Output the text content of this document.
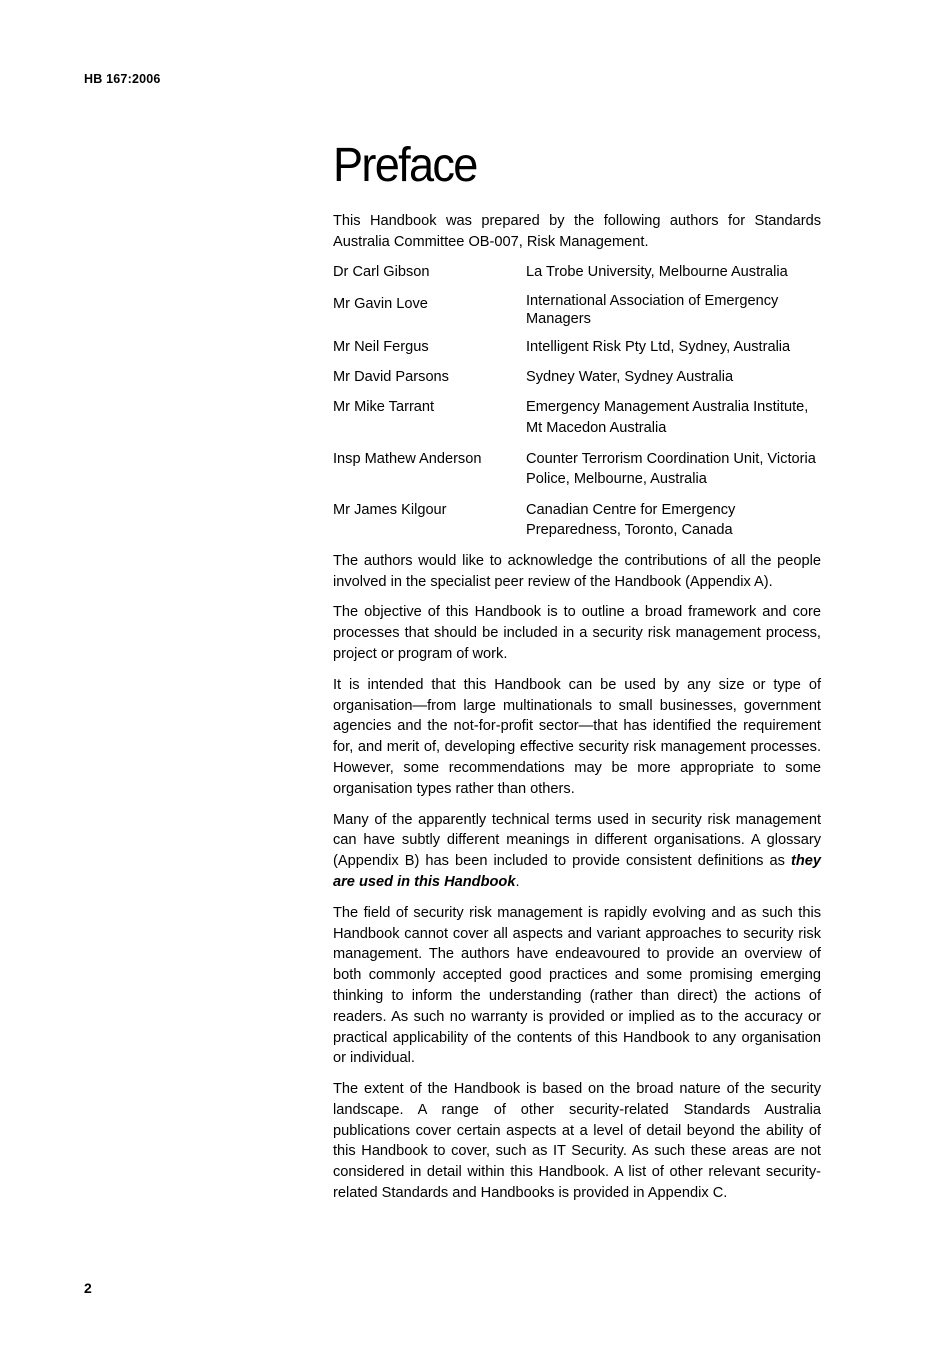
HB 167:2006
Preface

This Handbook was prepared by the following authors for Standards Australia Committee OB-007, Risk Management.

Dr Carl Gibson	La Trobe University, Melbourne Australia
Mr Gavin Love	International Association of Emergency Managers
Mr Neil Fergus	Intelligent Risk Pty Ltd, Sydney, Australia
Mr David Parsons	Sydney Water, Sydney Australia
Mr Mike Tarrant	Emergency Management Australia Institute, Mt Macedon Australia
Insp Mathew Anderson	Counter Terrorism Coordination Unit, Victoria Police, Melbourne, Australia
Mr James Kilgour	Canadian Centre for Emergency Preparedness, Toronto, Canada

The authors would like to acknowledge the contributions of all the people involved in the specialist peer review of the Handbook (Appendix A).

The objective of this Handbook is to outline a broad framework and core processes that should be included in a security risk management process, project or program of work.

It is intended that this Handbook can be used by any size or type of organisation—from large multinationals to small businesses, government agencies and the not-for-profit sector—that has identified the requirement for, and merit of, developing effective security risk management processes. However, some recommendations may be more appropriate to some organisation types rather than others.

Many of the apparently technical terms used in security risk management can have subtly different meanings in different organisations. A glossary (Appendix B) has been included to provide consistent definitions as they are used in this Handbook.

The field of security risk management is rapidly evolving and as such this Handbook cannot cover all aspects and variant approaches to security risk management. The authors have endeavoured to provide an overview of both commonly accepted good practices and some promising emerging thinking to inform the understanding (rather than direct) the actions of readers. As such no warranty is provided or implied as to the accuracy or practical applicability of the contents of this Handbook to any organisation or individual.

The extent of the Handbook is based on the broad nature of the security landscape. A range of other security-related Standards Australia publications cover certain aspects at a level of detail beyond the ability of this Handbook to cover, such as IT Security. As such these areas are not considered in detail within this Handbook. A list of other relevant security-related Standards and Handbooks is provided in Appendix C.

2
